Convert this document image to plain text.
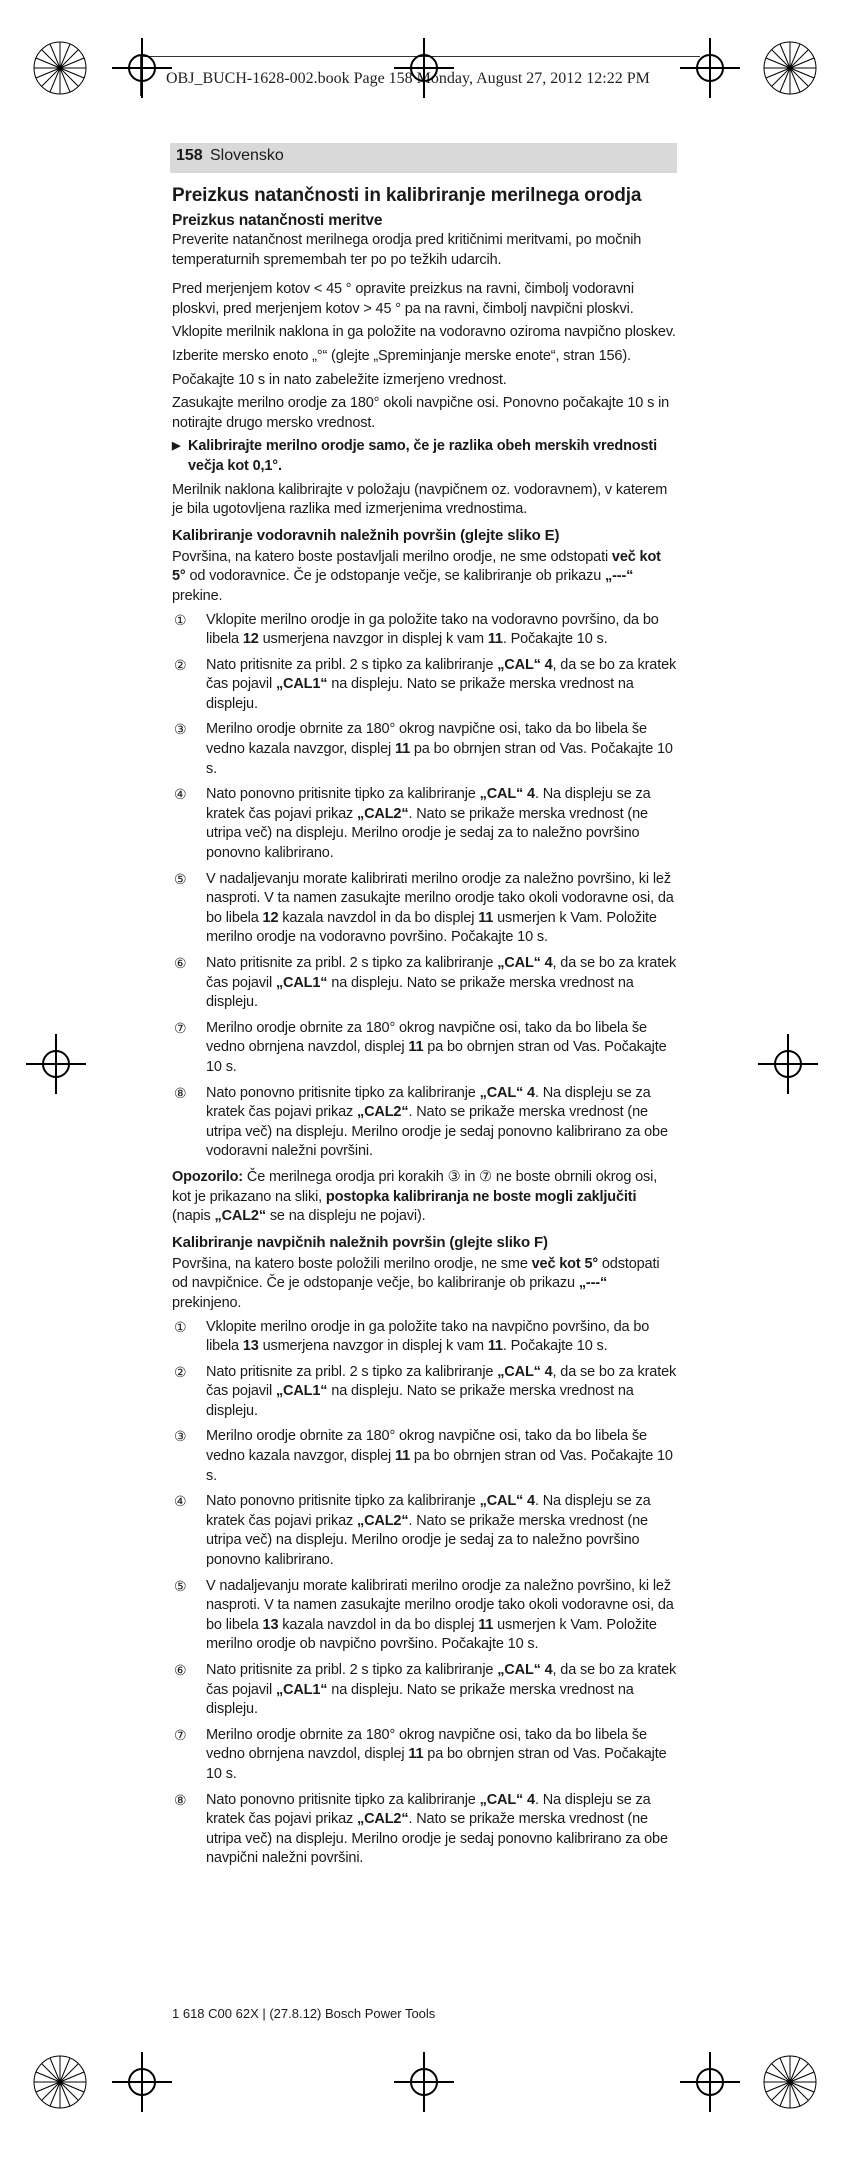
OBJ_BUCH-1628-002.book Page 158 Monday, August 27, 2012 12:22 PM
158 Slovensko
Preizkus natančnosti in kalibriranje merilnega orodja
Preizkus natančnosti meritve

Preverite natančnost merilnega orodja pred kritičnimi meritvami, po močnih temperaturnih spremembah ter po po težkih udarcih.

Pred merjenjem kotov < 45 ° opravite preizkus na ravni, čimbolj vodoravni ploskvi, pred merjenjem kotov > 45 ° pa na ravni, čimbolj navpični ploskvi.

Vklopite merilnik naklona in ga položite na vodoravno oziroma navpično ploskev.

Izberite mersko enoto „°“ (glejte „Spreminjanje merske enote“, stran 156).

Počakajte 10 s in nato zabeležite izmerjeno vrednost.

Zasukajte merilno orodje za 180° okoli navpične osi. Ponovno počakajte 10 s in notirajte drugo mersko vrednost.

▶ Kalibrirajte merilno orodje samo, če je razlika obeh merskih vrednosti večja kot 0,1°.

Merilnik naklona kalibrirajte v položaju (navpičnem oz. vodoravnem), v katerem je bila ugotovljena razlika med izmerjenima vrednostima.

Kalibriranje vodoravnih naležnih površin (glejte sliko E)

Površina, na katero boste postavljali merilno orodje, ne sme odstopati več kot 5° od vodoravnice. Če je odstopanje večje, se kalibriranje ob prikazu „---“ prekine.

①	Vklopite merilno orodje in ga položite tako na vodoravno površino, da bo libela 12 usmerjena navzgor in displej k vam 11. Počakajte 10 s.
②	Nato pritisnite za pribl. 2 s tipko za kalibriranje „CAL“ 4, da se bo za kratek čas pojavil „CAL1“ na displeju. Nato se prikaže merska vrednost na displeju.
③	Merilno orodje obrnite za 180° okrog navpične osi, tako da bo libela še vedno kazala navzgor, displej 11 pa bo obrnjen stran od Vas. Počakajte 10 s.
④	Nato ponovno pritisnite tipko za kalibriranje „CAL“ 4. Na displeju se za kratek čas pojavi prikaz „CAL2“. Nato se prikaže merska vrednost (ne utripa več) na displeju. Merilno orodje je sedaj za to naležno površino ponovno kalibrirano.
⑤	V nadaljevanju morate kalibrirati merilno orodje za naležno površino, ki lež nasproti. V ta namen zasukajte merilno orodje tako okoli vodoravne osi, da bo libela 12 kazala navzdol in da bo displej 11 usmerjen k Vam. Položite merilno orodje na vodoravno površino. Počakajte 10 s.
⑥	Nato pritisnite za pribl. 2 s tipko za kalibriranje „CAL“ 4, da se bo za kratek čas pojavil „CAL1“ na displeju. Nato se prikaže merska vrednost na displeju.
⑦	Merilno orodje obrnite za 180° okrog navpične osi, tako da bo libela še vedno obrnjena navzdol, displej 11 pa bo obrnjen stran od Vas. Počakajte 10 s.
⑧	Nato ponovno pritisnite tipko za kalibriranje „CAL“ 4. Na displeju se za kratek čas pojavi prikaz „CAL2“. Nato se prikaže merska vrednost (ne utripa več) na displeju. Merilno orodje je sedaj ponovno kalibrirano za obe vodoravni naležni površini.

Opozorilo: Če merilnega orodja pri korakih ③ in ⑦ ne boste obrnili okrog osi, kot je prikazano na sliki, postopka kalibriranja ne boste mogli zaključiti (napis „CAL2“ se na displeju ne pojavi).

Kalibriranje navpičnih naležnih površin (glejte sliko F)

Površina, na katero boste položili merilno orodje, ne sme več kot 5° odstopati od navpičnice. Če je odstopanje večje, bo kalibriranje ob prikazu „---“ prekinjeno.

①	Vklopite merilno orodje in ga položite tako na navpično površino, da bo libela 13 usmerjena navzgor in displej k vam 11. Počakajte 10 s.
②	Nato pritisnite za pribl. 2 s tipko za kalibriranje „CAL“ 4, da se bo za kratek čas pojavil „CAL1“ na displeju. Nato se prikaže merska vrednost na displeju.
③	Merilno orodje obrnite za 180° okrog navpične osi, tako da bo libela še vedno kazala navzgor, displej 11 pa bo obrnjen stran od Vas. Počakajte 10 s.
④	Nato ponovno pritisnite tipko za kalibriranje „CAL“ 4. Na displeju se za kratek čas pojavi prikaz „CAL2“. Nato se prikaže merska vrednost (ne utripa več) na displeju. Merilno orodje je sedaj za to naležno površino ponovno kalibrirano.
⑤	V nadaljevanju morate kalibrirati merilno orodje za naležno površino, ki lež nasproti. V ta namen zasukajte merilno orodje tako okoli vodoravne osi, da bo libela 13 kazala navzdol in da bo displej 11 usmerjen k Vam. Položite merilno orodje ob navpično površino. Počakajte 10 s.
⑥	Nato pritisnite za pribl. 2 s tipko za kalibriranje „CAL“ 4, da se bo za kratek čas pojavil „CAL1“ na displeju. Nato se prikaže merska vrednost na displeju.
⑦	Merilno orodje obrnite za 180° okrog navpične osi, tako da bo libela še vedno obrnjena navzdol, displej 11 pa bo obrnjen stran od Vas. Počakajte 10 s.
⑧	Nato ponovno pritisnite tipko za kalibriranje „CAL“ 4. Na displeju se za kratek čas pojavi prikaz „CAL2“. Nato se prikaže merska vrednost (ne utripa več) na displeju. Merilno orodje je sedaj ponovno kalibrirano za obe navpični naležni površini.
1 618 C00 62X | (27.8.12) Bosch Power Tools
